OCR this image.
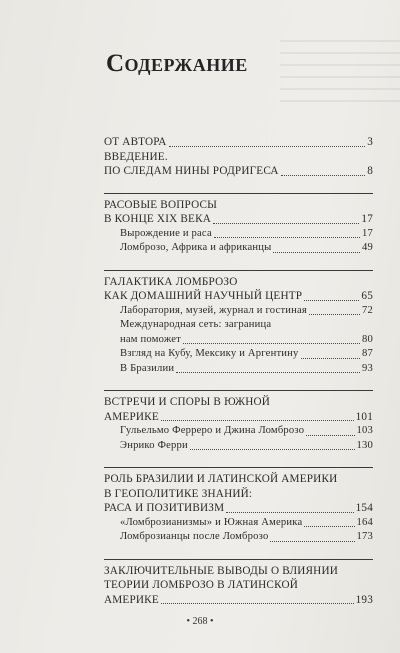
Содержание
ОТ АВТОРА	3
ВВЕДЕНИЕ.
ПО СЛЕДАМ НИНЫ РОДРИГЕСА	8
РАСОВЫЕ ВОПРОСЫ
В КОНЦЕ XIX ВЕКА	17
Вырождение и раса	17
Ломброзо, Африка и африканцы	49
ГАЛАКТИКА ЛОМБРОЗО
КАК ДОМАШНИЙ НАУЧНЫЙ ЦЕНТР	65
Лаборатория, музей, журнал и гостиная	72
Международная сеть: заграница
нам поможет	80
Взгляд на Кубу, Мексику и Аргентину	87
В Бразилии	93
ВСТРЕЧИ И СПОРЫ В ЮЖНОЙ
АМЕРИКЕ	101
Гульельмо Ферреро и Джина Ломброзо	103
Энрико Ферри	130
РОЛЬ БРАЗИЛИИ И ЛАТИНСКОЙ АМЕРИКИ
В ГЕОПОЛИТИКЕ ЗНАНИЙ:
РАСА И ПОЗИТИВИЗМ	154
«Ломброзианизмы» и Южная Америка	164
Ломброзианцы после Ломброзо	173
ЗАКЛЮЧИТЕЛЬНЫЕ ВЫВОДЫ О ВЛИЯНИИ
ТЕОРИИ ЛОМБРОЗО В ЛАТИНСКОЙ
АМЕРИКЕ	193
• 268 •
